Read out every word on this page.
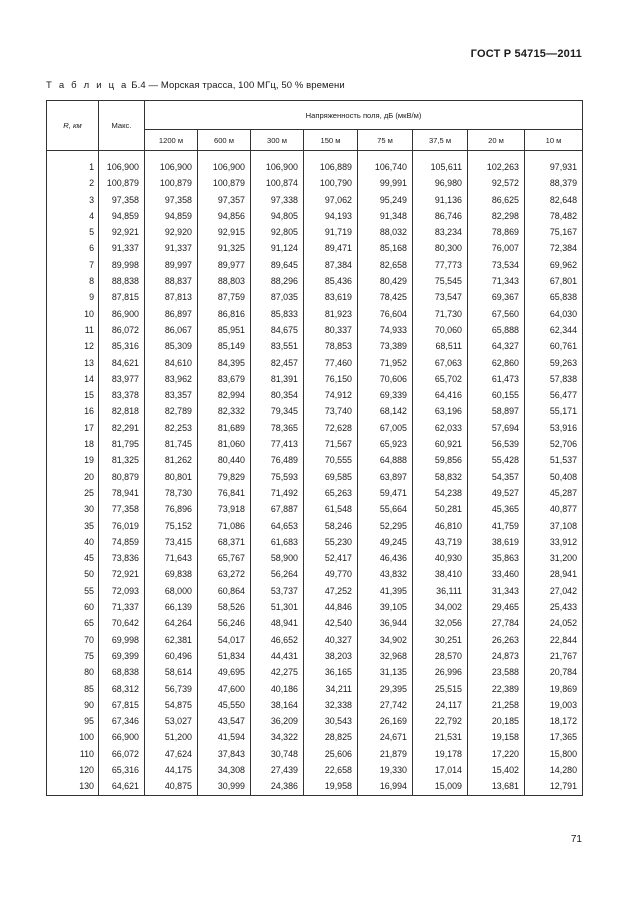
ГОСТ Р 54715—2011
Т а б л и ц а Б.4 — Морская трасса, 100 МГц, 50 % времени
R, км	Макс.	Напряженность поля, дБ (мкВ/м)							
		1200 м	600 м	300 м	150 м	75 м	37,5 м	20 м	10 м

1	106,900	106,900	106,900	106,900	106,889	106,740	105,611	102,263	97,931
2	100,879	100,879	100,879	100,874	100,790	99,991	96,980	92,572	88,379
3	97,358	97,358	97,357	97,338	97,062	95,249	91,136	86,625	82,648
4	94,859	94,859	94,856	94,805	94,193	91,348	86,746	82,298	78,482
5	92,921	92,920	92,915	92,805	91,719	88,032	83,234	78,869	75,167
6	91,337	91,337	91,325	91,124	89,471	85,168	80,300	76,007	72,384
7	89,998	89,997	89,977	89,645	87,384	82,658	77,773	73,534	69,962
8	88,838	88,837	88,803	88,296	85,436	80,429	75,545	71,343	67,801
9	87,815	87,813	87,759	87,035	83,619	78,425	73,547	69,367	65,838
10	86,900	86,897	86,816	85,833	81,923	76,604	71,730	67,560	64,030
11	86,072	86,067	85,951	84,675	80,337	74,933	70,060	65,888	62,344
12	85,316	85,309	85,149	83,551	78,853	73,389	68,511	64,327	60,761
13	84,621	84,610	84,395	82,457	77,460	71,952	67,063	62,860	59,263
14	83,977	83,962	83,679	81,391	76,150	70,606	65,702	61,473	57,838
15	83,378	83,357	82,994	80,354	74,912	69,339	64,416	60,155	56,477
16	82,818	82,789	82,332	79,345	73,740	68,142	63,196	58,897	55,171
17	82,291	82,253	81,689	78,365	72,628	67,005	62,033	57,694	53,916
18	81,795	81,745	81,060	77,413	71,567	65,923	60,921	56,539	52,706
19	81,325	81,262	80,440	76,489	70,555	64,888	59,856	55,428	51,537
20	80,879	80,801	79,829	75,593	69,585	63,897	58,832	54,357	50,408
25	78,941	78,730	76,841	71,492	65,263	59,471	54,238	49,527	45,287
30	77,358	76,896	73,918	67,887	61,548	55,664	50,281	45,365	40,877
35	76,019	75,152	71,086	64,653	58,246	52,295	46,810	41,759	37,108
40	74,859	73,415	68,371	61,683	55,230	49,245	43,719	38,619	33,912
45	73,836	71,643	65,767	58,900	52,417	46,436	40,930	35,863	31,200
50	72,921	69,838	63,272	56,264	49,770	43,832	38,410	33,460	28,941
55	72,093	68,000	60,864	53,737	47,252	41,395	36,111	31,343	27,042
60	71,337	66,139	58,526	51,301	44,846	39,105	34,002	29,465	25,433
65	70,642	64,264	56,246	48,941	42,540	36,944	32,056	27,784	24,052
70	69,998	62,381	54,017	46,652	40,327	34,902	30,251	26,263	22,844
75	69,399	60,496	51,834	44,431	38,203	32,968	28,570	24,873	21,767
80	68,838	58,614	49,695	42,275	36,165	31,135	26,996	23,588	20,784
85	68,312	56,739	47,600	40,186	34,211	29,395	25,515	22,389	19,869
90	67,815	54,875	45,550	38,164	32,338	27,742	24,117	21,258	19,003
95	67,346	53,027	43,547	36,209	30,543	26,169	22,792	20,185	18,172
100	66,900	51,200	41,594	34,322	28,825	24,671	21,531	19,158	17,365
110	66,072	47,624	37,843	30,748	25,606	21,879	19,178	17,220	15,800
120	65,316	44,175	34,308	27,439	22,658	19,330	17,014	15,402	14,280
130	64,621	40,875	30,999	24,386	19,958	16,994	15,009	13,681	12,791
71
